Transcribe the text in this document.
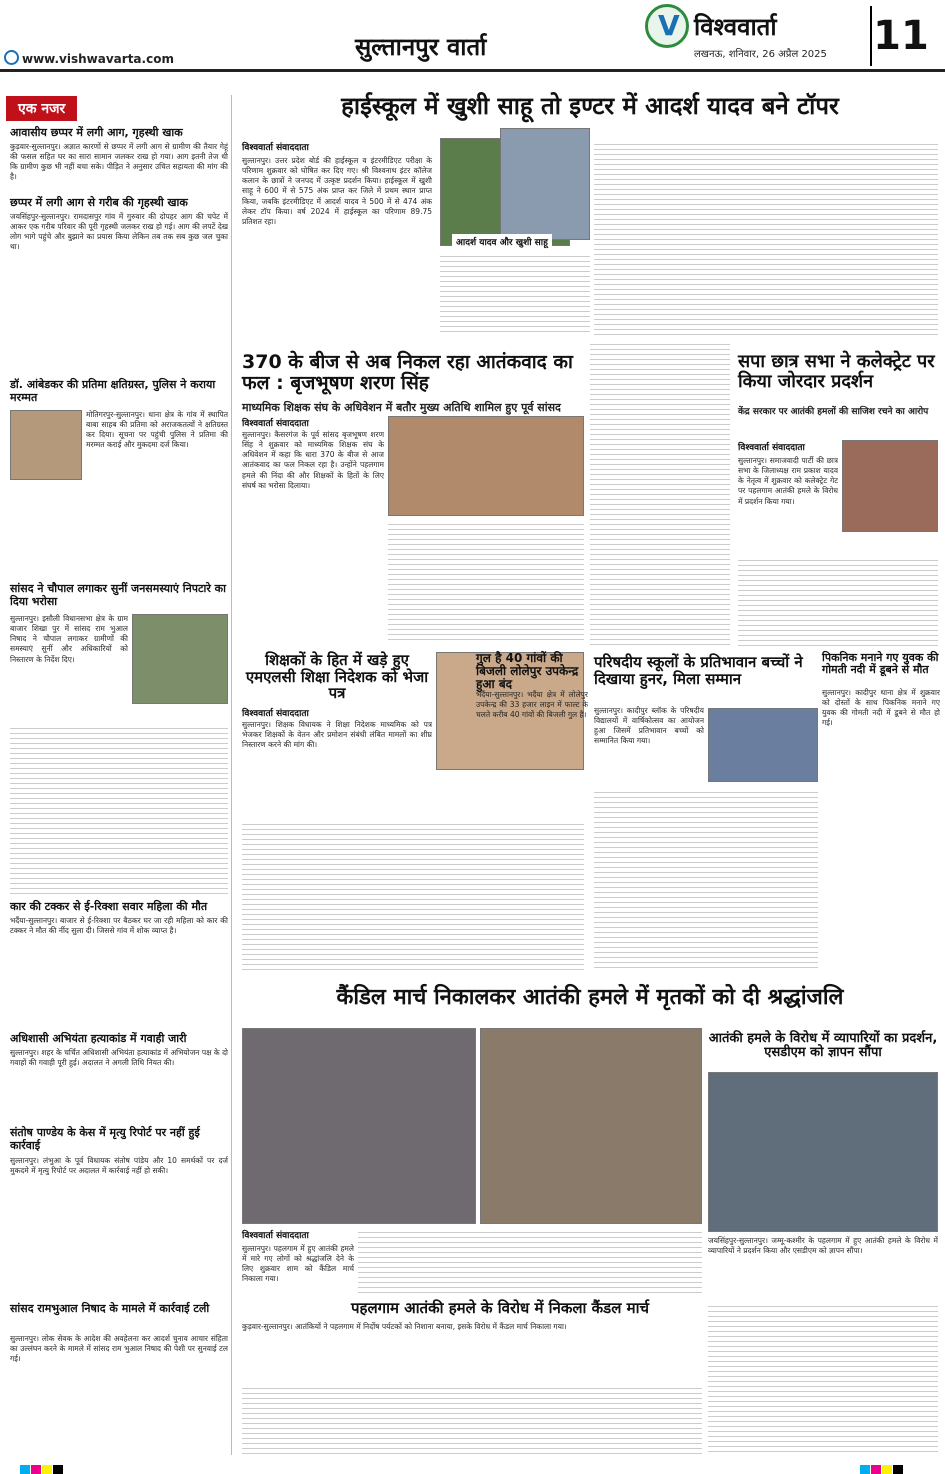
www.vishwavarta.com	सुल्तानपुर वार्ता
V
विश्ववार्ता
लखनऊ, शनिवार, 26 अप्रैल 2025 11
एक नजर
आवासीय छप्पर में लगी आग, गृहस्थी खाक
कुड़वार-सुल्तानपुर। अज्ञात कारणों से छप्पर में लगी आग से ग्रामीण की तैयार गेहूं की फसल सहित घर का सारा सामान जलकर राख हो गया। आग इतनी तेज थी कि ग्रामीण कुछ भी नहीं बचा सके। पीड़ित ने अनुसार उचित सहायता की मांग की है।
छप्पर में लगी आग से गरीब की गृहस्थी खाक
जयसिंहपुर-सुल्तानपुर। रामदासपुर गांव में गुरुवार की दोपहर आग की चपेट में आकर एक गरीब परिवार की पूरी गृहस्थी जलकर राख हो गई। आग की लपटें देख लोग भागे पहुंचे और बुझाने का प्रयास किया लेकिन तब तक सब कुछ जल चुका था।
डॉ. आंबेडकर की प्रतिमा क्षतिग्रस्त, पुलिस ने कराया मरम्मत
मोतिगरपुर-सुल्तानपुर। थाना क्षेत्र के गांव में स्थापित बाबा साहब की प्रतिमा को अराजकतत्वों ने क्षतिग्रस्त कर दिया। सूचना पर पहुंची पुलिस ने प्रतिमा की मरम्मत कराई और मुकदमा दर्ज किया।
सांसद ने चौपाल लगाकर सुनीं जनसमस्याएं निपटारे का दिया भरोसा
सुल्तानपुर। इसौली विधानसभा क्षेत्र के ग्राम बाजार शिखा पुर में सांसद राम भुआल निषाद ने चौपाल लगाकर ग्रामीणों की समस्याएं सुनीं और अधिकारियों को निस्तारण के निर्देश दिए।
कार की टक्कर से ई-रिक्शा सवार महिला की मौत
भदैंया-सुल्तानपुर। बाजार से ई-रिक्शा पर बैठकर घर जा रही महिला को कार की टक्कर ने मौत की नींद सुला दी। जिससे गांव में शोक व्याप्त है।
अधिशासी अभियंता हत्याकांड में गवाही जारी
सुल्तानपुर। शहर के चर्चित अधिशासी अभियंता हत्याकांड में अभियोजन पक्ष के दो गवाहों की गवाही पूरी हुई। अदालत ने अगली तिथि नियत की।
संतोष पाण्डेय के केस में मृत्यु रिपोर्ट पर नहीं हुई कार्रवाई
सुल्तानपुर। लंभुआ के पूर्व विधायक संतोष पांडेय और 10 समर्थकों पर दर्ज मुकदमे में मृत्यु रिपोर्ट पर अदालत में कार्रवाई नहीं हो सकी।
सांसद रामभुआल निषाद के मामले में कार्रवाई टली
सुल्तानपुर। लोक सेवक के आदेश की अवहेलना कर आदर्श चुनाव आचार संहिता का उल्लंघन करने के मामले में सांसद राम भुआल निषाद की पेशी पर सुनवाई टल गई।
हाईस्कूल में खुशी साहू तो इण्टर में आदर्श यादव बने टॉपर
विश्ववार्ता संवाददाता
सुल्तानपुर। उत्तर प्रदेश बोर्ड की हाईस्कूल व इंटरमीडिएट परीक्षा के परिणाम शुक्रवार को घोषित कर दिए गए। श्री विश्वनाथ इंटर कॉलेज कलान के छात्रों ने जनपद में उत्कृष्ट प्रदर्शन किया। हाईस्कूल में खुशी साहू ने 600 में से 575 अंक प्राप्त कर जिले में प्रथम स्थान प्राप्त किया, जबकि इंटरमीडिएट में आदर्श यादव ने 500 में से 474 अंक लेकर टॉप किया। वर्ष 2024 में हाईस्कूल का परिणाम 89.75 प्रतिशत रहा।
आदर्श यादव और खुशी साहू
370 के बीज से अब निकल रहा आतंकवाद का फल : बृजभूषण शरण सिंह
माध्यमिक शिक्षक संघ के अधिवेशन में बतौर मुख्य अतिथि शामिल हुए पूर्व सांसद
विश्ववार्ता संवाददाता
सुल्तानपुर। कैसरगंज के पूर्व सांसद बृजभूषण शरण सिंह ने शुक्रवार को माध्यमिक शिक्षक संघ के अधिवेशन में कहा कि धारा 370 के बीज से आज आतंकवाद का फल निकल रहा है। उन्होंने पहलगाम हमले की निंदा की और शिक्षकों के हितों के लिए संघर्ष का भरोसा दिलाया।
सपा छात्र सभा ने कलेक्ट्रेट पर किया जोरदार प्रदर्शन
केंद्र सरकार पर आतंकी हमलों की साजिश रचने का आरोप
विश्ववार्ता संवाददाता
सुल्तानपुर। समाजवादी पार्टी की छात्र सभा के जिलाध्यक्ष राम प्रकाश यादव के नेतृत्व में शुक्रवार को कलेक्ट्रेट गेट पर पहलगाम आतंकी हमले के विरोध में प्रदर्शन किया गया।
शिक्षकों के हित में खड़े हुए एमएलसी शिक्षा निदेशक को भेजा पत्र
विश्ववार्ता संवाददाता
सुल्तानपुर। शिक्षक विधायक ने शिक्षा निदेशक माध्यमिक को पत्र भेजकर शिक्षकों के वेतन और प्रमोशन संबंधी लंबित मामलों का शीघ्र निस्तारण करने की मांग की।
गुल है 40 गांवों की बिजली लोलेपुर उपकेन्द्र हुआ बंद
भदैंया-सुल्तानपुर। भदैंया क्षेत्र में लोलेपुर उपकेन्द्र की 33 हजार लाइन में फाल्ट के चलते करीब 40 गांवों की बिजली गुल है।
परिषदीय स्कूलों के प्रतिभावान बच्चों ने दिखाया हुनर, मिला सम्मान
सुल्तानपुर। कादीपुर ब्लॉक के परिषदीय विद्यालयों में वार्षिकोत्सव का आयोजन हुआ जिसमें प्रतिभावान बच्चों को सम्मानित किया गया।
पिकनिक मनाने गए युवक की गोमती नदी में डूबने से मौत
सुल्तानपुर। कादीपुर थाना क्षेत्र में शुक्रवार को दोस्तों के साथ पिकनिक मनाने गए युवक की गोमती नदी में डूबने से मौत हो गई।
कैंडिल मार्च निकालकर आतंकी हमले में मृतकों को दी श्रद्धांजलि
विश्ववार्ता संवाददाता
सुल्तानपुर। पहलगाम में हुए आतंकी हमले में मारे गए लोगों को श्रद्धांजलि देने के लिए शुक्रवार शाम को कैंडिल मार्च निकाला गया।
पहलगाम आतंकी हमले के विरोध में निकला कैंडल मार्च
कुड़वार-सुल्तानपुर। आतंकियों ने पहलगाम में निर्दोष पर्यटकों को निशाना बनाया, इसके विरोध में कैंडल मार्च निकाला गया।
आतंकी हमले के विरोध में व्यापारियों का प्रदर्शन, एसडीएम को ज्ञापन सौंपा
जयसिंहपुर-सुल्तानपुर। जम्मू-कश्मीर के पहलगाम में हुए आतंकी हमले के विरोध में व्यापारियों ने प्रदर्शन किया और एसडीएम को ज्ञापन सौंपा।
